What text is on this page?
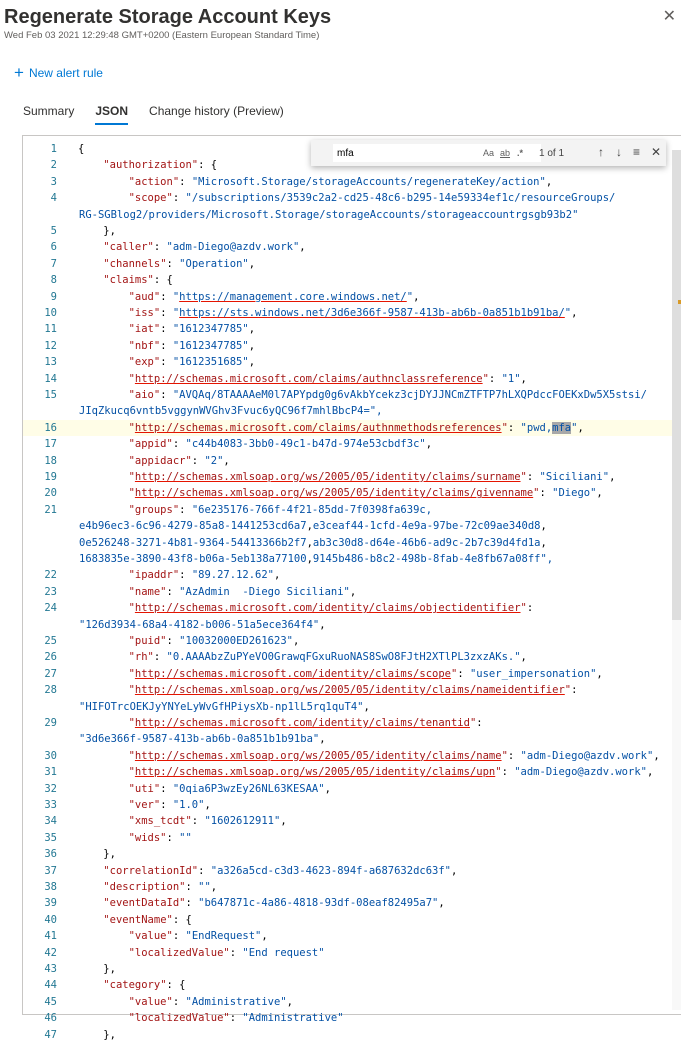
Regenerate Storage Account Keys
Wed Feb 03 2021 12:29:48 GMT+0200 (Eastern European Standard Time)
✕
+ New alert rule
Summary JSON Change history (Preview)
1 {
2	"authorization": {
3	"action": "Microsoft.Storage/storageAccounts/regenerateKey/action",
4	"scope": "/subscriptions/3539c2a2-cd25-48c6-b295-14e59334ef1c/resourceGroups/
RG-SGBlog2/providers/Microsoft.Storage/storageAccounts/storageaccountrgsgb93b2"
5	},
6	"caller": "adm-Diego@azdv.work",
7	"channels": "Operation",
8	"claims": {
9	"aud": "https://management.core.windows.net/",
10	"iss": "https://sts.windows.net/3d6e366f-9587-413b-ab6b-0a851b1b91ba/",
11	"iat": "1612347785",
12	"nbf": "1612347785",
13	"exp": "1612351685",
14	"http://schemas.microsoft.com/claims/authnclassreference": "1",
15	"aio": "AVQAq/8TAAAAeM0l7APYpdg0g6vAkbYcekz3cjDYJJNCmZTFTP7hLXQPdccFOEKxDw5X5stsi/
JIqZkucq6vntb5vggynWVGhv3Fvuc6yQC96f7mhlBbcP4=",
16	"http://schemas.microsoft.com/claims/authnmethodsreferences": "pwd,mfa",
17	"appid": "c44b4083-3bb0-49c1-b47d-974e53cbdf3c",
18	"appidacr": "2",
19	"http://schemas.xmlsoap.org/ws/2005/05/identity/claims/surname": "Siciliani",
20	"http://schemas.xmlsoap.org/ws/2005/05/identity/claims/givenname": "Diego",
21	"groups": "6e235176-766f-4f21-85dd-7f0398fa639c,
e4b96ec3-6c96-4279-85a8-1441253cd6a7,e3ceaf44-1cfd-4e9a-97be-72c09ae340d8,
0e526248-3271-4b81-9364-54413366b2f7,ab3c30d8-d64e-46b6-ad9c-2b7c39d4fd1a,
1683835e-3890-43f8-b06a-5eb138a77100,9145b486-b8c2-498b-8fab-4e8fb67a08ff",
22	"ipaddr": "89.27.12.62",
23	"name": "AzAdmin  -Diego Siciliani",
24	"http://schemas.microsoft.com/identity/claims/objectidentifier":
"126d3934-68a4-4182-b006-51a5ece364f4",
25	"puid": "10032000ED261623",
26	"rh": "0.AAAAbzZuPYeVO0GrawqFGxuRuoNAS8SwO8FJtH2XTlPL3zxzAKs.",
27	"http://schemas.microsoft.com/identity/claims/scope": "user_impersonation",
28	"http://schemas.xmlsoap.org/ws/2005/05/identity/claims/nameidentifier":
"HIFOTrcOEKJyYNYeLyWvGfHPiysXb-np1lL5rq1quT4",
29	"http://schemas.microsoft.com/identity/claims/tenantid":
"3d6e366f-9587-413b-ab6b-0a851b1b91ba",
30	"http://schemas.xmlsoap.org/ws/2005/05/identity/claims/name": "adm-Diego@azdv.work",
31	"http://schemas.xmlsoap.org/ws/2005/05/identity/claims/upn": "adm-Diego@azdv.work",
32	"uti": "0qia6P3wzEy26NL63KESAA",
33	"ver": "1.0",
34	"xms_tcdt": "1602612911",
35	"wids": ""
36	},
37	"correlationId": "a326a5cd-c3d3-4623-894f-a687632dc63f",
38	"description": "",
39	"eventDataId": "b647871c-4a86-4818-93df-08eaf82495a7",
40	"eventName": {
41	"value": "EndRequest",
42	"localizedValue": "End request"
43	},
44	"category": {
45	"value": "Administrative",
46	"localizedValue": "Administrative"
47	},
mfa
Aa ab .* 1 of 1	↑ ↓ ≡ ✕
